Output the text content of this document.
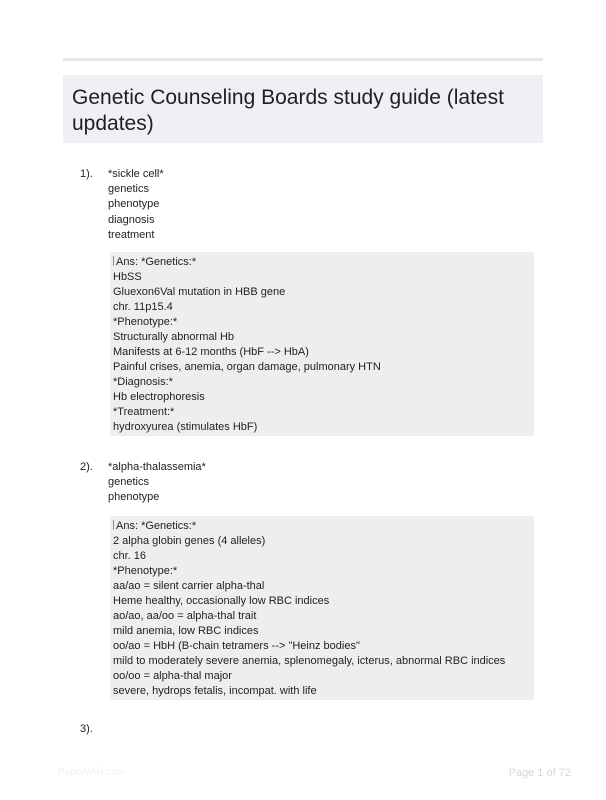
Genetic Counseling Boards study guide (latest updates)
1). *sickle cell*
genetics
phenotype
diagnosis
treatment
Ans: *Genetics:*
HbSS
Gluexon6Val mutation in HBB gene
chr. 11p15.4
*Phenotype:*
Structurally abnormal Hb
Manifests at 6-12 months (HbF --> HbA)
Painful crises, anemia, organ damage, pulmonary HTN
*Diagnosis:*
Hb electrophoresis
*Treatment:*
hydroxyurea (stimulates HbF)
2). *alpha-thalassemia*
genetics
phenotype
Ans: *Genetics:*
2 alpha globin genes (4 alleles)
chr. 16
*Phenotype:*
aa/ao = silent carrier alpha-thal
Heme healthy, occasionally low RBC indices
ao/ao, aa/oo = alpha-thal trait
mild anemia, low RBC indices
oo/ao = HbH (B-chain tetramers --> "Heinz bodies"
mild to moderately severe anemia, splenomegaly, icterus, abnormal RBC indices
oo/oo = alpha-thal major
severe, hydrops fetalis, incompat. with life
3).
PaperWiki.com	Page 1 of 72
